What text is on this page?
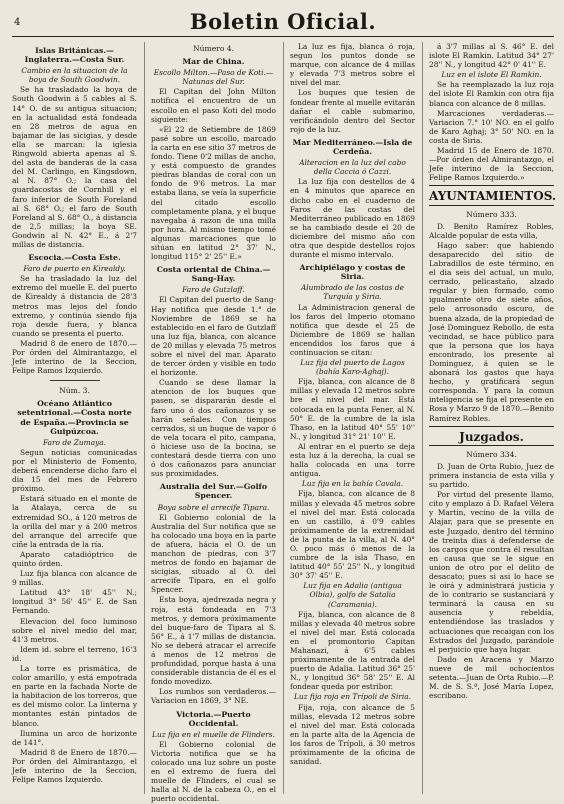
4	Boletin Oficial.
Islas Británicas.—Inglaterra.—Costa Sur.

Cambio en la situacion de la boya de South Goodwin.

Se ha trasladado la boya de South Goodwin á 5 cables al S. 14° O. de su antigua situacion; en la actualidad está fondeada en 28 metros de agua en bajamar de las sicigias, y desde ella se marcan: la iglesia Ringwold abierta apenas al S. del asta de banderas de la casa del M. Carlingo, en Kingsdown, al N. 87° O.; la casa del guardacostas de Cornhill y el faro inferior de South Foreland al S. 68° O.; el faro de South Foreland al S. 68° O., á distancia de 2,5 millas; la boya SE. Goodwin al N. 42° E., á 2'7 millas de distancia.

Escocia.—Costa Este.

Faro de puerto en Kirealdy.

Se ha trasladado la luz del extremo del muelle E. del puerto de Kirealdy á distancia de 28'3 metros mas lejos del fondo extremo, y continúa siendo fija roja desde fuera, y blanca cuando se presenta el puerto.

Madrid 8 de enero de 1870.—Por órden del Almirantazgo, el Jefe interino de la Seccion, Felipe Ramos Izquierdo.

Núm. 3.
Océano Atlántico setentrional.—Costa norte de España.—Provincia se Guipúzcoa.

Faro de Zumaya.

Segun noticias comunicadas por el Ministerio de Fomento, deberá encenderse dicho faro el dia 15 del mes de Febrero próximo.

Estará situado en el monte de la Atalaya, cerca de su extremidad SO., á 120 metros de la orilla del mar y á 200 metros del arranque del arrecife que ciñe la entrada de la ría.

Aparato catadióptrico de quinto órden.

Luz fija blanca con alcance de 9 millas.

Latitud 43° 18' 45'' N.; longitud 3° 56' 45'' E. de San Fernando.

Elevacion del foco luminoso sobre el nivel medio del mar, 41'3 metros.

Idem id. sobre el terreno, 16'3 id.

La torre es prismática, de color amarillo, y está empotrada en parte en la fachada Norte de la habitacion de los torreros, que es del mismo color. La linterna y montantes están pintados de blanco.

Ilumina un arco de horizonte de 141°.

Madrid 8 de Enero de 1870.—Por órden del Almirantazgo, el Jefe interino de la Seccion, Felipe Ramos Izquierdo.

Número 4.
Mar de China.

Escollo Milton.—Paso de Koti.—Natunas del Sur.

El Capitan del John Milton notifica el encuentro de un escollo en el paso Koti del modo siguiente:

«El 22 de Setiembre de 1869 pasé sobre un escollo, marcado la carta en ese sitio 37 metros de fondo. Tiene 0'2 millas de ancho, y está compuesto de grandes piedras blandas de coral con un fondo de 9'6 metros. La mar estaba llana, se veía la superficie del citado escollo completamente plana, y el buque navegaba á razon de una milla por hora. Al mismo tiempo tomé algunas marcaciones que lo sitúan en latitud 2° 37' N., longitud 115° 2' 25'' E.»

Costa oriental de China.—Sang-Hay.

Faro de Gutzlaff.

El Capitan del puerto de Sang-Hay notifica que desde 1.° de Noviembre de 1869 se ha establecido en el faro de Gutzlaff una luz fija, blanca, con alcance de 20 millas y elevada 75 metros sobre el nivel del mar. Aparato de tercer órden y visible en todo el horizonte.

Cuando se dese llamar la atencion de los buques que pasen, se dispararán desde el faro uno ó dos cañonazos y se harán señales. Con tiempos cerrados, si un buque de vapor ó de vela tocara el pito, campana, ó hiciese uso de la bocina, se contestará desde tierra con uno ó dos cañonazos para anunciar sus proximidades.

Australia del Sur.—Golfo Spencer.

Boya sobre el arrecife Tipara.

El Gobierno colonial de la Australia del Sur notifica que se ha colocado una boya en la parte de afuera, hácia el O. de un manchon de piedras, con 3'7 metros de fondo en bajamar de sicigias, situado al O. del arrecife Tipara, en el golfo Spencer.

Esta boya, ajedrezada negra y roja, está fondeada en 7'3 metros, y demora próximamente del buque-faro de Tipara al S. 56° E., á 1'7 millas de distancia. No se deberá atracar el arrecife á menos de 12 metros de profundidad, porque hasta á una considerable distancia de él es el fondo movedizo.

Los rumbos son verdaderos.—Variacion en 1869, 3° NE.

Victoria.—Puerto Occidental.

Luz fija en el muelle de Flinders.

El Gobierno colonial de Victoria notifica que se ha colocado una luz sobre un poste en el extremo de fuera del muelle de Flinders, el cual se halla al N. de la cabeza O., en el puerto occidental.

La luz es fija, blanca ó roja, segun los puntos donde se marque, con alcance de 4 millas y elevada 7'3 metros sobre el nivel del mar.

Los buques que tesien de fondear frente al muelle evitarán dañar el cable submarino, verificándolo dentro del Sector rojo de la luz.

Mar Mediterráneo.—Isla de Cerdeña.

Alteracion en la luz del cabo della Caccia ó Cazzi.

La luz fija con destellos de 4 en 4 minutos que aparece en dicho cabo en el cuaderno de Faros de las costas del Mediterráneo publicado en 1869 se ha cambiado desde el 20 de diciembre del mismo año con otra que despide destellos rojos durante el mismo intervalo.

Archipiélago y costas de Siria.

Alumbrado de las costas de Turquía y Siria.

La Administracion general de los faros del Imperio otomano notifica que desde el 25 de Diciembre de 1869 se hallan encendidos los faros que á continuacion se citan:

Luz fija del puerto de Lagos (bahía Karo-Aghaj).

Fija, blanca, con alcance de 8 millas y elevada 12 metros sobre bre el nivel del mar. Está colocada en la punta Fener, al N. 50° E. de la cumbre de la isla Thaso, en la latitud 40° 55' 10'' N., y longitud 31° 21' 10'' E.

Al entrar en el puerto se deja esta luz á la derecha, la cual se halla colocada en una torre antigua.

Luz fija en la bahía Cavala.

Fija, blanca, con alcance de 8 millas y elevada 45 metros sobre el nivel del mar. Está colocada en un castillo, á 0'9 cables próximamente de la extremidad de la punta de la villa, al N. 40° O. poco más ó menos de la cumbre de la isla Thaso, en latitud 40° 55' 25'' N., y longitud 30° 37' 45'' E.

Luz fija en Adalia (antigua Olbia), golfo de Satalia (Caramania).

Fija, blanca, con alcance de 8 millas y elevada 40 metros sobre el nivel del mar. Está colocada en el promontorio Capitan Mahanazi, á 6'5 cables próximamente de la entrada del puerto de Adalia. Latitud 36° 25' N., y longitud 36° 58' 25'' E. Al fondear queda por estribor.

Luz fija roja en Trípoli de Siria.

Fija, roja, con alcance de 5 millas, elevada 12 metros sobre el nivel del mar. Está colocada en la parte alta de la Agencia de los faros de Trípoli, á 30 metros próximamente de la oficina de sanidad.

á 3'7 millas al S. 46° E. del islote El Ramkin. Latitud 34° 27' 28'' N., y longitud 42° 0' 41'' E.

Luz en el islote El Ramkin.

Se ha reemplazado la luz roja del islote El Ramkin con otra fija blanca con alcance de 8 millas.

Marcaciones verdaderas.—Variacion 7.° 10' NO. en el golfo de Karo Aghaj; 3° 50' NO. en la costa de Siria.

Madrid 15 de Enero de 1870.—Por órden del Almirantazgo, el Jefe interino de la Seccion, Felipe Ramos Izquierdo.»

AYUNTAMIENTOS.
Número 333.

D. Benito Ramírez Robles, Alcalde popular de esta villa,

Hago saber: que habiendo desaparecido del sitio de Labradillos de este término, en el dia seis del actual, un mulo, cerrado, pelicastaño, alzado regular y bien formado, como igualmente otro de siete años, pelo arrosonado oscuro, de buena alzada, de la propiedad de José Dominguez Rebollo, de esta vecindad, se hace público para que la persona que los haya encontrado, los presente al Dominguez, á quien se le abonará los gastos que haya hecho, y gratificará segun corresponda. Y para la comun inteligencia se fija el presente en Rosa y Marzo 9 de 1870.—Benito Ramírez Robles.

Juzgados.
Número 334.

D. Juan de Orta Rubio, Juez de primera instancia de esta villa y su partido.

Por virtud del presente llamo, cito y emplazo á D. Rafael Vélera y Martin, vecino de la villa de Alajar, para que se presente en este Juzgado, dentro del término de treinta dias á defenderse de los cargos que contra él resultan en causa que se le sigue en union de otro por el delito de desacato; pues si asi lo hace se le oirá y administrará justicia y de lo contrario se sustanciará y terminará la causa en su ausencia y rebeldía, entendiéndose las traslados y actuaciones que recaigan con los Estrados del Juzgado, parándole el perjuicio que haya lugar.

Dado en Aracena y Marzo nueve de mil ochocientos setenta.—Juan de Orta Rubio.—P. M. de S. S.ª, José María Lopez, escribano.
